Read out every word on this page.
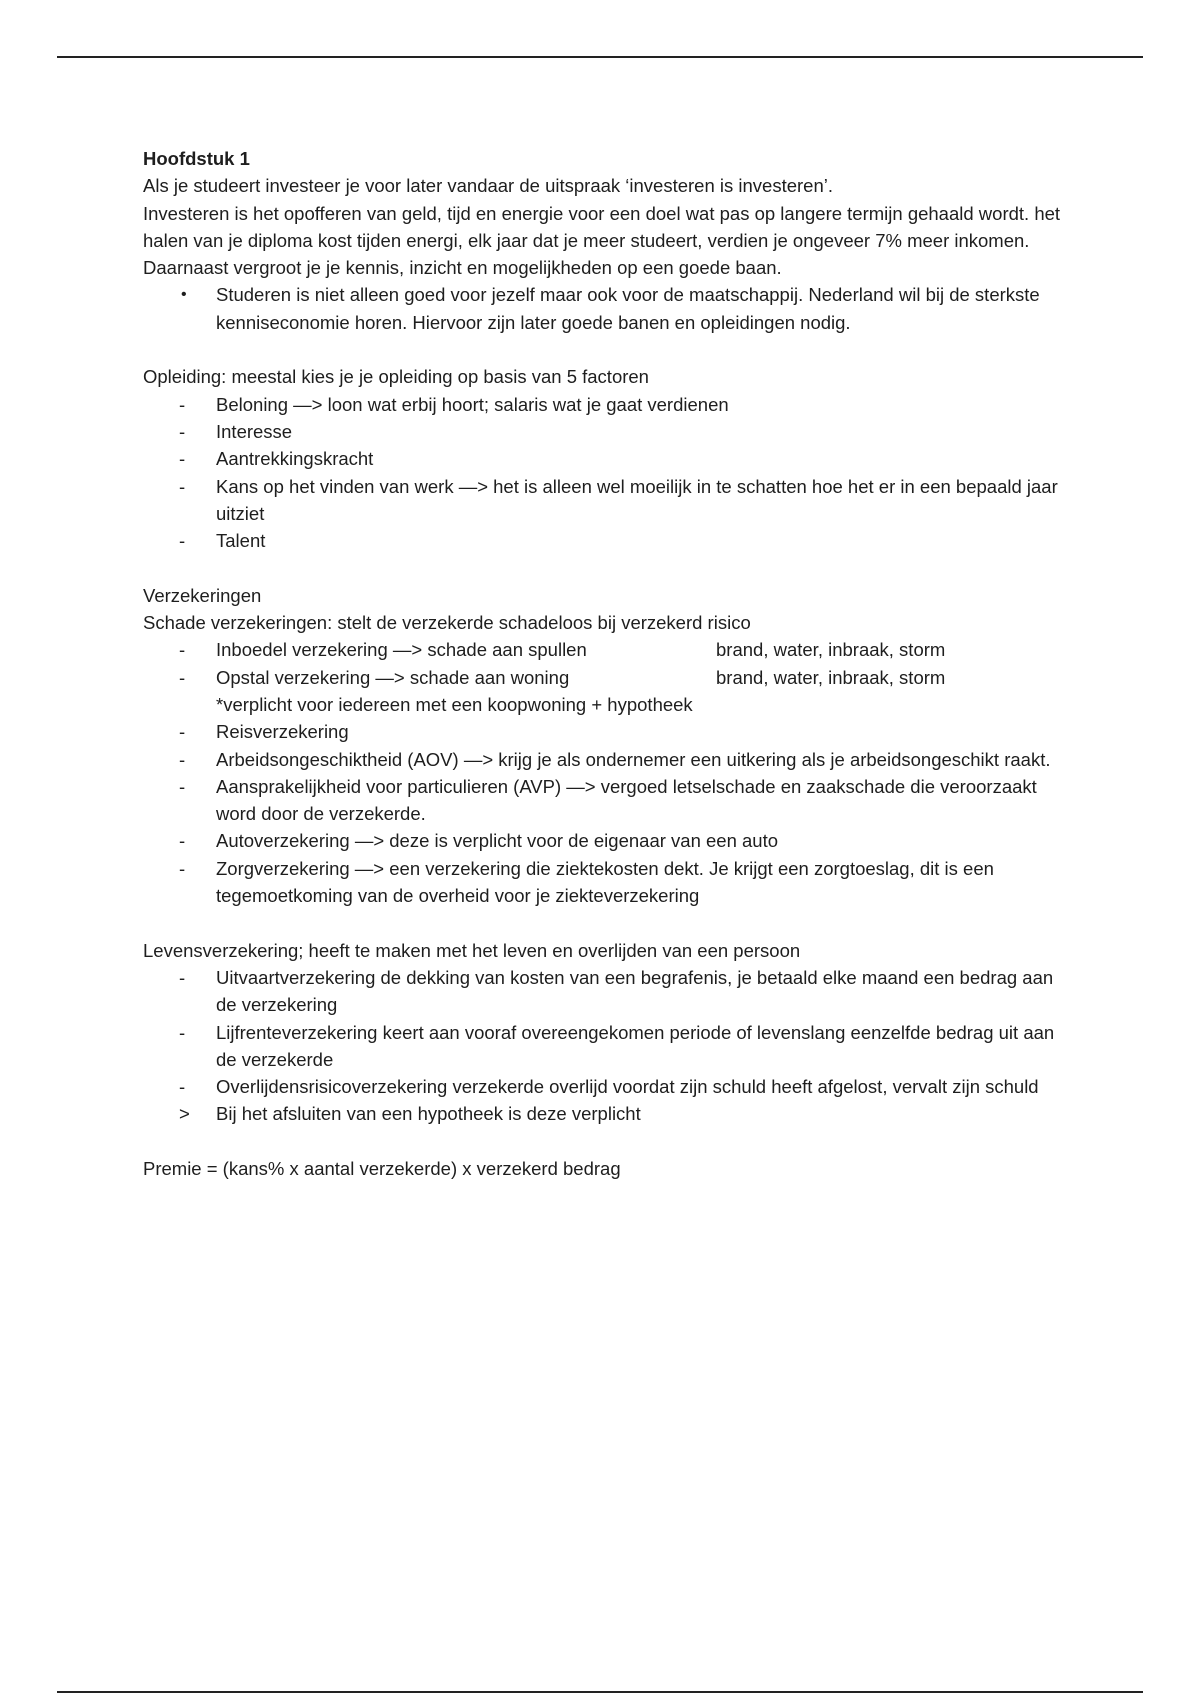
Hoofdstuk 1

Als je studeert investeer je voor later vandaar de uitspraak ‘investeren is investeren’.

Investeren is het opofferen van geld, tijd en energie voor een doel wat pas op langere termijn gehaald wordt. het halen van je diploma kost tijden energi, elk jaar dat je meer studeert, verdien je ongeveer 7% meer inkomen. Daarnaast vergroot je je kennis, inzicht en mogelijkheden op een goede baan.

• Studeren is niet alleen goed voor jezelf maar ook voor de maatschappij. Nederland wil bij de sterkste kenniseconomie horen. Hiervoor zijn later goede banen en opleidingen nodig.

Opleiding: meestal kies je je opleiding op basis van 5 factoren

- Beloning —> loon wat erbij hoort; salaris wat je gaat verdienen
- Interesse
- Aantrekkingskracht
- Kans op het vinden van werk —> het is alleen wel moeilijk in te schatten hoe het er in een bepaald jaar uitziet
- Talent

Verzekeringen

Schade verzekeringen: stelt de verzekerde schadeloos bij verzekerd risico

- Inboedel verzekering —> schade aan spullen	brand, water, inbraak, storm
- Opstal verzekering —> schade aan woning	brand, water, inbraak, storm
*verplicht voor iedereen met een koopwoning + hypotheek
- Reisverzekering
- Arbeidsongeschiktheid (AOV) —> krijg je als ondernemer een uitkering als je arbeidsongeschikt raakt.
- Aansprakelijkheid voor particulieren (AVP) —> vergoed letselschade en zaakschade die veroorzaakt word door de verzekerde.
- Autoverzekering —> deze is verplicht voor de eigenaar van een auto
- Zorgverzekering —> een verzekering die ziektekosten dekt. Je krijgt een zorgtoeslag, dit is een tegemoetkoming van de overheid voor je ziekteverzekering

Levensverzekering; heeft te maken met het leven en overlijden van een persoon

- Uitvaartverzekering de dekking van kosten van een begrafenis, je betaald elke maand een bedrag aan de verzekering
- Lijfrenteverzekering keert aan vooraf overeengekomen periode of levenslang eenzelfde bedrag uit aan de verzekerde
- Overlijdensrisicoverzekering verzekerde overlijd voordat zijn schuld heeft afgelost, vervalt zijn schuld
> Bij het afsluiten van een hypotheek is deze verplicht

Premie = (kans% x aantal verzekerde) x verzekerd bedrag
